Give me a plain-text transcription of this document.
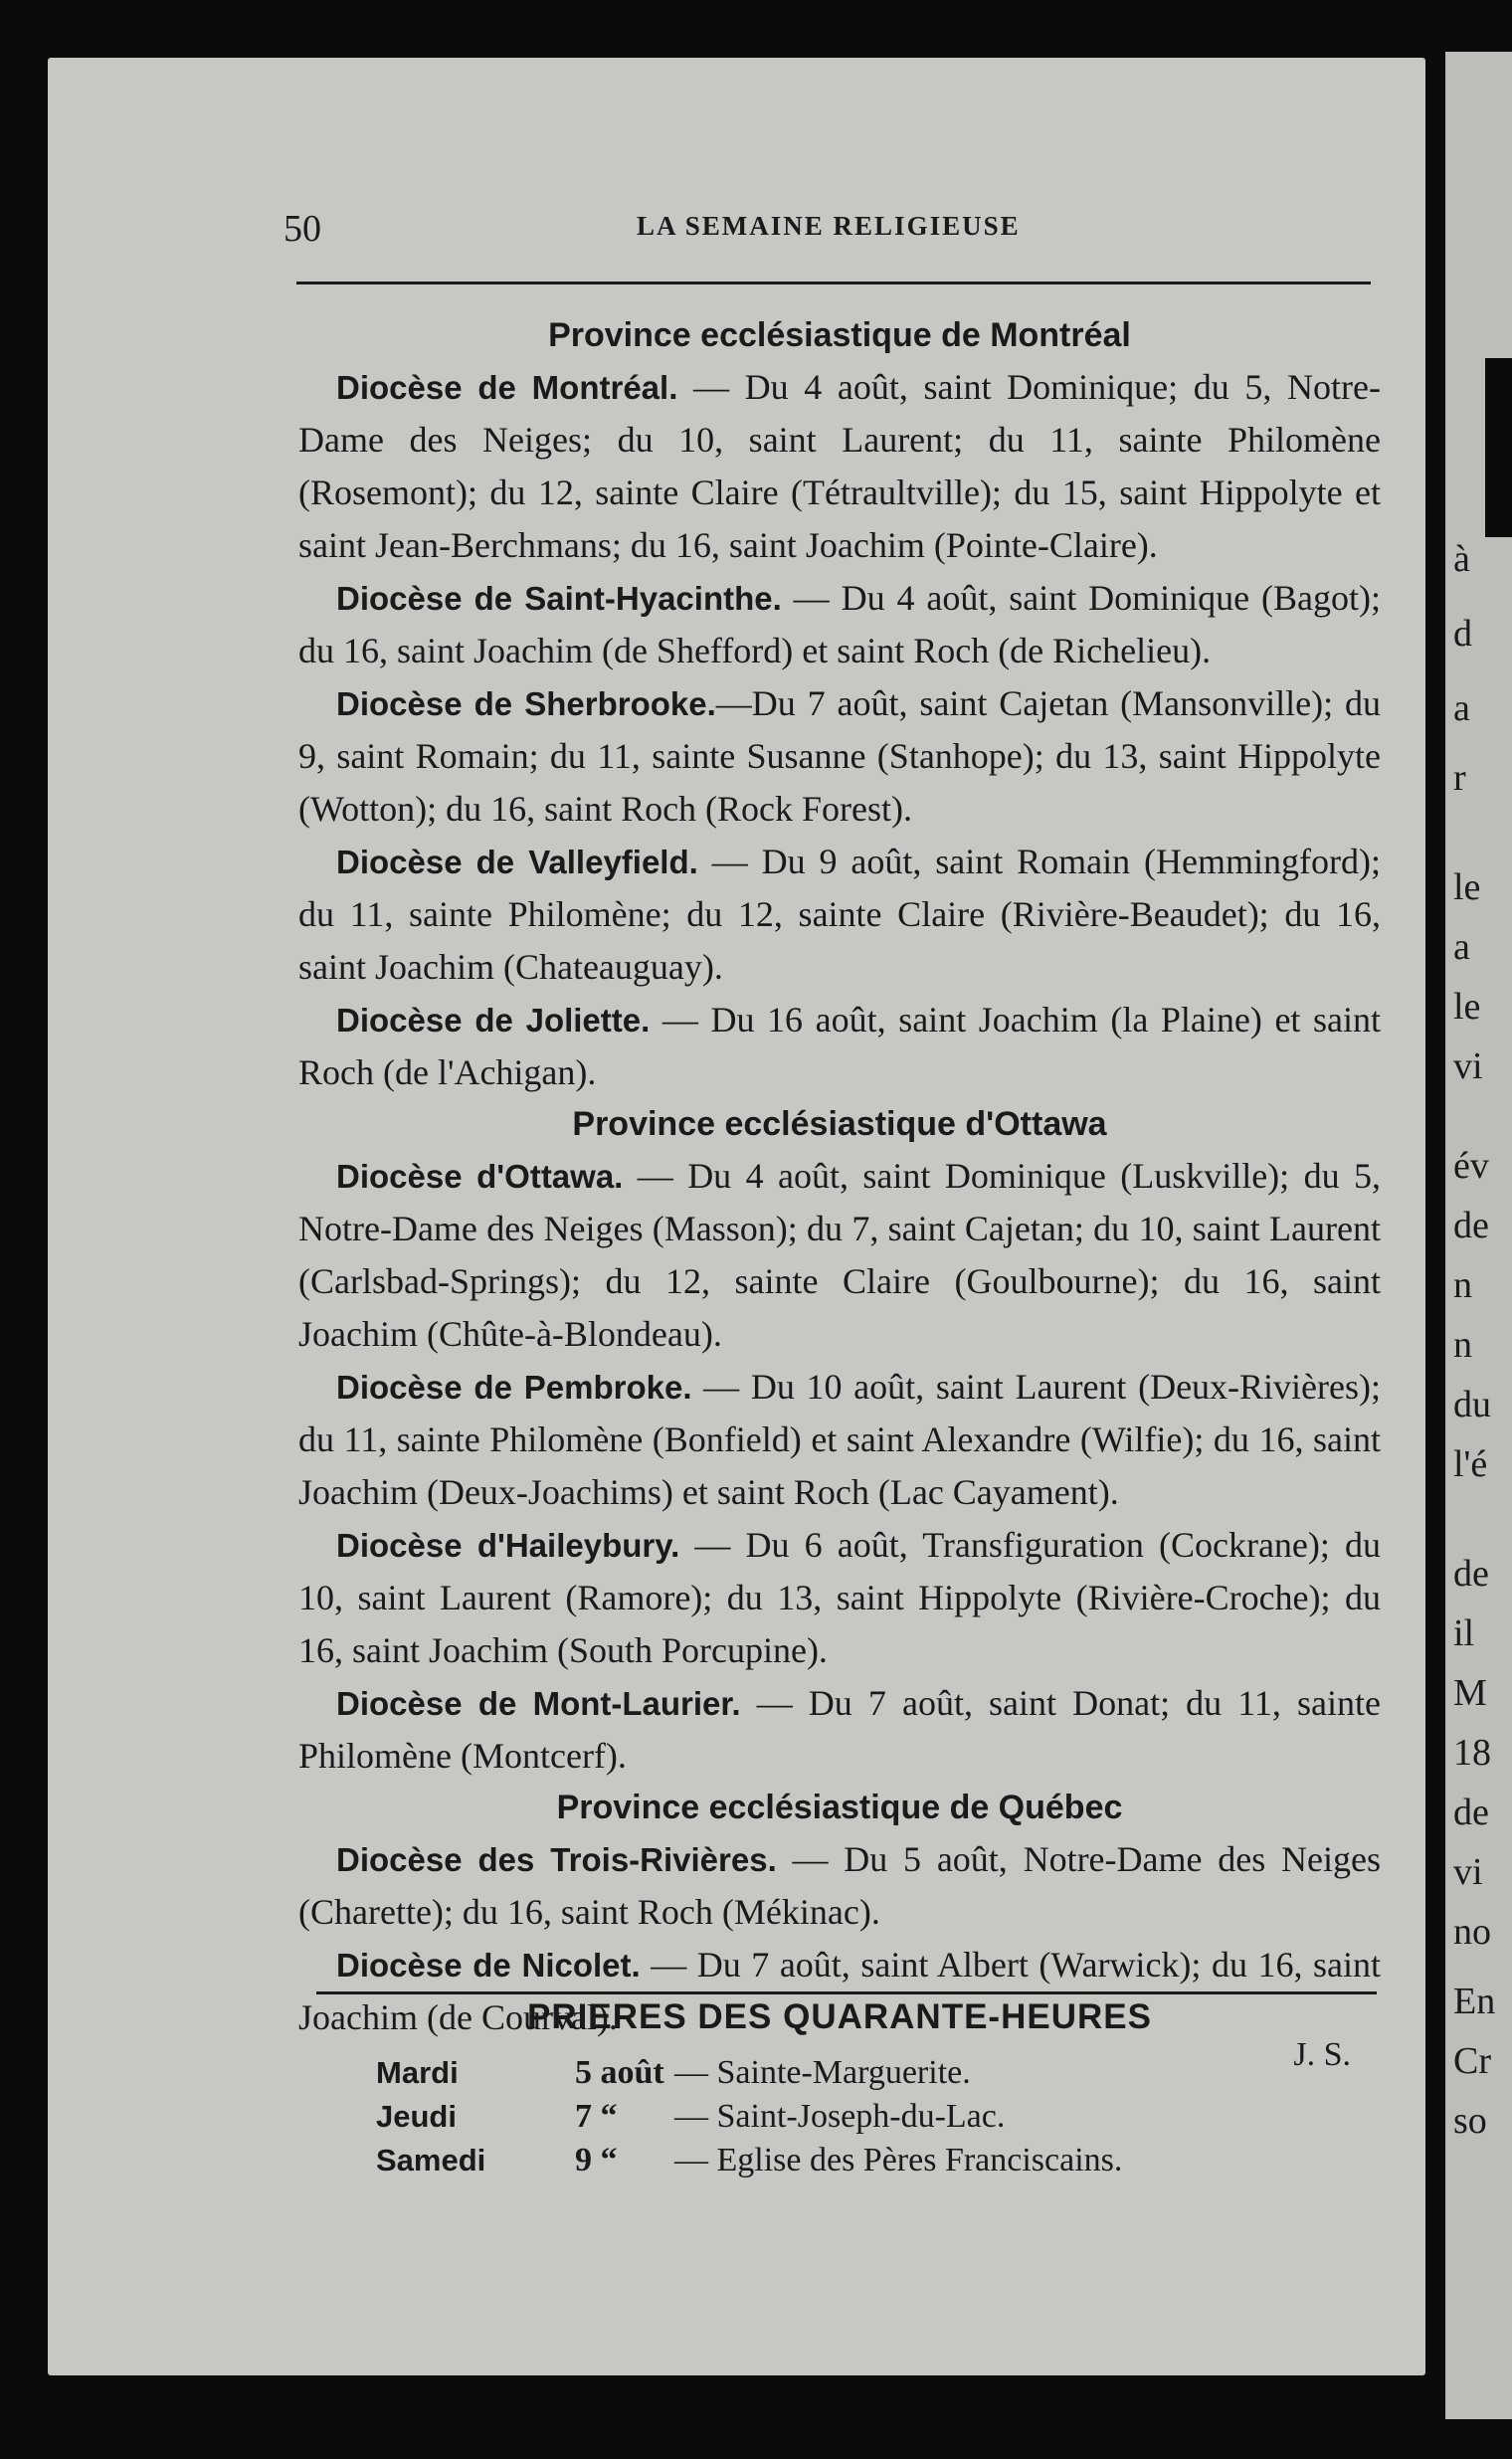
à
d
a
r
le
a
le
vi
év
de
n
n
du
l'é
de
il
M
18
de
vi
no
En
Cr
so
50	LA SEMAINE RELIGIEUSE
Province ecclésiastique de Montréal

Diocèse de Montréal. — Du 4 août, saint Dominique; du 5, Notre-Dame des Neiges; du 10, saint Laurent; du 11, sainte Philomène (Rosemont); du 12, sainte Claire (Tétraultville); du 15, saint Hippolyte et saint Jean-Berchmans; du 16, saint Joachim (Pointe-Claire).

Diocèse de Saint-Hyacinthe. — Du 4 août, saint Dominique (Bagot); du 16, saint Joachim (de Shefford) et saint Roch (de Richelieu).

Diocèse de Sherbrooke.—Du 7 août, saint Cajetan (Mansonville); du 9, saint Romain; du 11, sainte Susanne (Stanhope); du 13, saint Hippolyte (Wotton); du 16, saint Roch (Rock Forest).

Diocèse de Valleyfield. — Du 9 août, saint Romain (Hemmingford); du 11, sainte Philomène; du 12, sainte Claire (Rivière-Beaudet); du 16, saint Joachim (Chateauguay).

Diocèse de Joliette. — Du 16 août, saint Joachim (la Plaine) et saint Roch (de l'Achigan).

Province ecclésiastique d'Ottawa

Diocèse d'Ottawa. — Du 4 août, saint Dominique (Luskville); du 5, Notre-Dame des Neiges (Masson); du 7, saint Cajetan; du 10, saint Laurent (Carlsbad-Springs); du 12, sainte Claire (Goulbourne); du 16, saint Joachim (Chûte-à-Blondeau).

Diocèse de Pembroke. — Du 10 août, saint Laurent (Deux-Rivières); du 11, sainte Philomène (Bonfield) et saint Alexandre (Wilfie); du 16, saint Joachim (Deux-Joachims) et saint Roch (Lac Cayament).

Diocèse d'Haileybury. — Du 6 août, Transfiguration (Cockrane); du 10, saint Laurent (Ramore); du 13, saint Hippolyte (Rivière-Croche); du 16, saint Joachim (South Porcupine).

Diocèse de Mont-Laurier. — Du 7 août, saint Donat; du 11, sainte Philomène (Montcerf).

Province ecclésiastique de Québec

Diocèse des Trois-Rivières. — Du 5 août, Notre-Dame des Neiges (Charette); du 16, saint Roch (Mékinac).

Diocèse de Nicolet. — Du 7 août, saint Albert (Warwick); du 16, saint Joachim (de Courval).

J. S.
PRIERES DES QUARANTE-HEURES
Mardi	5 août — Sainte-Marguerite.
Jeudi	7 “	— Saint-Joseph-du-Lac.
Samedi	9 “	— Eglise des Pères Franciscains.
